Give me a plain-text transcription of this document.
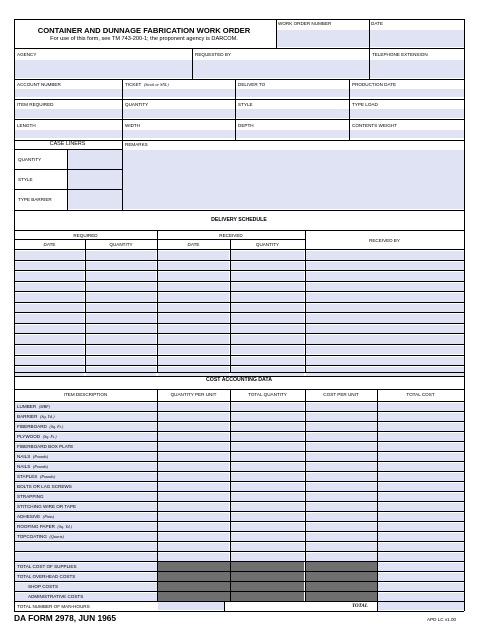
CONTAINER AND DUNNAGE FABRICATION WORK ORDER
For use of this form, see TM 743-200-1; the proponent agency is DARCOM.
WORK ORDER NUMBER	DATE
AGENCY	REQUESTED BY	TELEPHONE EXTENSION
ACCOUNT NUMBER	TICKET (Stock or SNL)	DELIVER TO	PRODUCTION DATE
ITEM REQUIRED	QUANTITY	STYLE	TYPE LOAD
LENGTH	WIDTH	DEPTH	CONTENTS WEIGHT
CASE LINERS
QUANTITY
STYLE
TYPE BARRIER
REMARKS
DELIVERY SCHEDULE
REQUIRED	RECEIVED
RECEIVED BY
DATE	QUANTITY	DATE	QUANTITY
COST ACCOUNTING DATA
ITEM DESCRIPTION	QUANTITY PER UNIT	TOTAL QUANTITY	COST PER UNIT	TOTAL COST
DA FORM 2978, JUN 1965	APD LC v1.00
LUMBER (MBF)
BARRIER (Sq. Yd.)
FIBERBOARD (Sq. Ft.)
PLYWOOD (Sq. Ft.)
FIBERBOARD BOX PLATE
NAILS (Pounds)
NAILS (Pounds)
STAPLES (Pounds)
BOLTS OR LAG SCREWS
STRAPPING
STITCHING WIRE OR TAPE
ADHESIVE (Pints)
ROOFING PAPER (Sq. Yd.)
TOPCOATING (Quarts)
TOTAL COST OF SUPPLIES
TOTAL OVERHEAD COSTS
SHOP COSTS
ADMINISTRATIVE COSTS
TOTAL NUMBER OF MAN-HOURS	TOTAL
